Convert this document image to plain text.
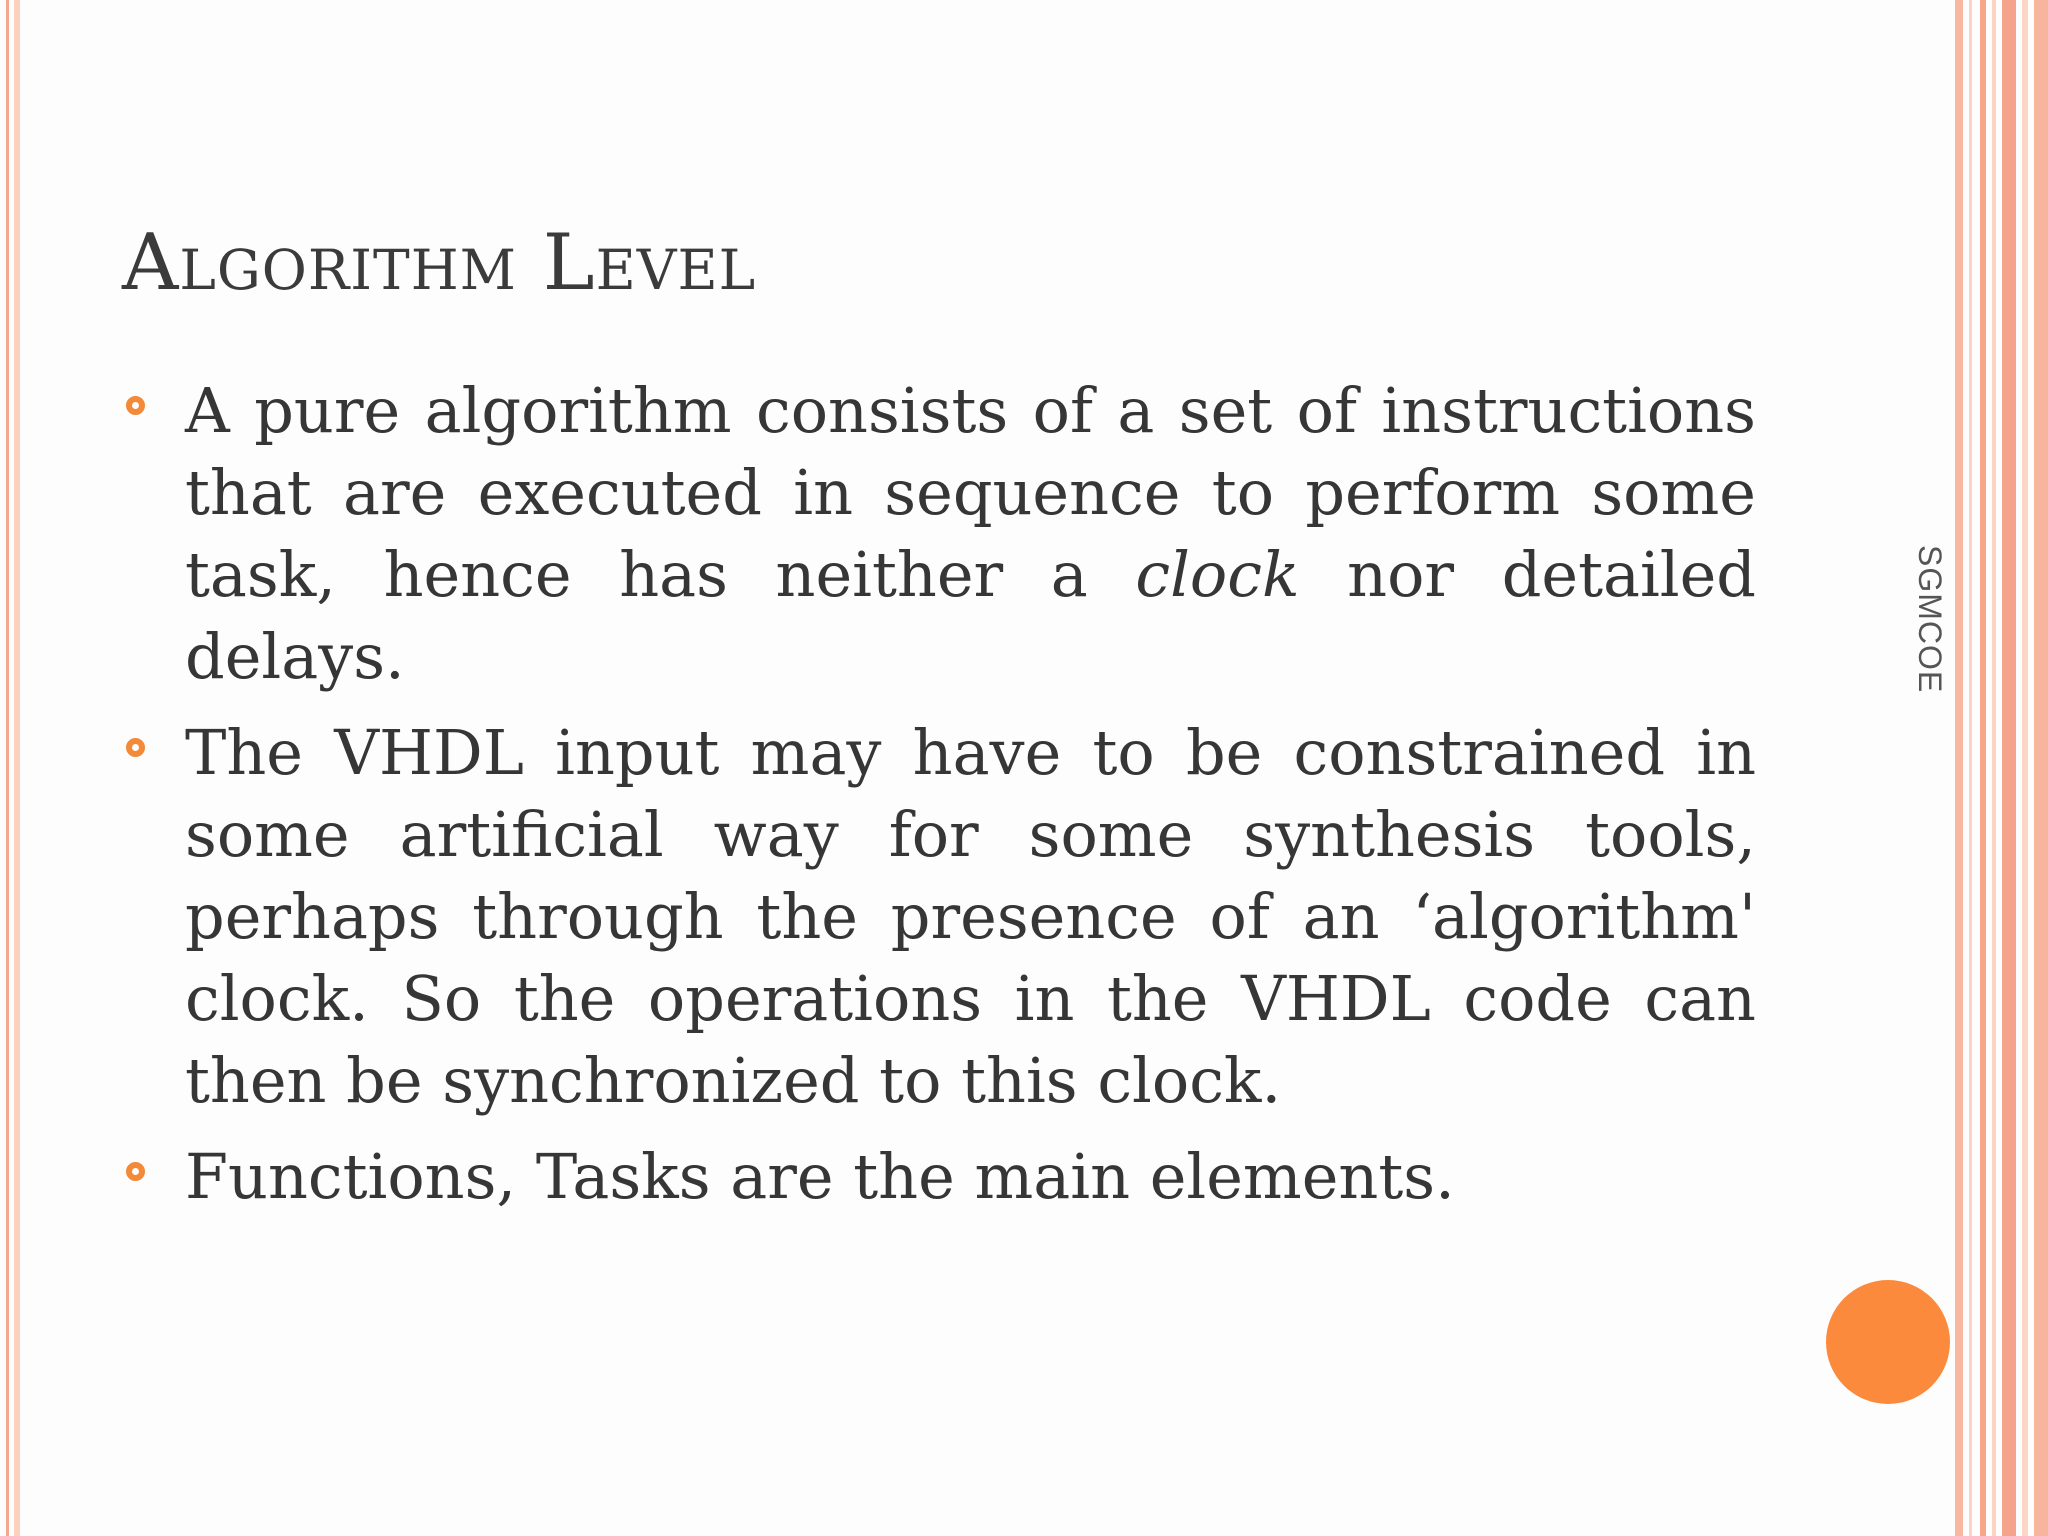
Algorithm Level
A pure algorithm consists of a set of instructions that are executed in sequence to perform some task, hence has neither a clock nor detailed delays.
The VHDL input may have to be constrained in some artificial way for some synthesis tools, perhaps through the presence of an ‘algorithm' clock. So the operations in the VHDL code can then be synchronized to this clock.
Functions, Tasks are the main elements.
SGMCOE
